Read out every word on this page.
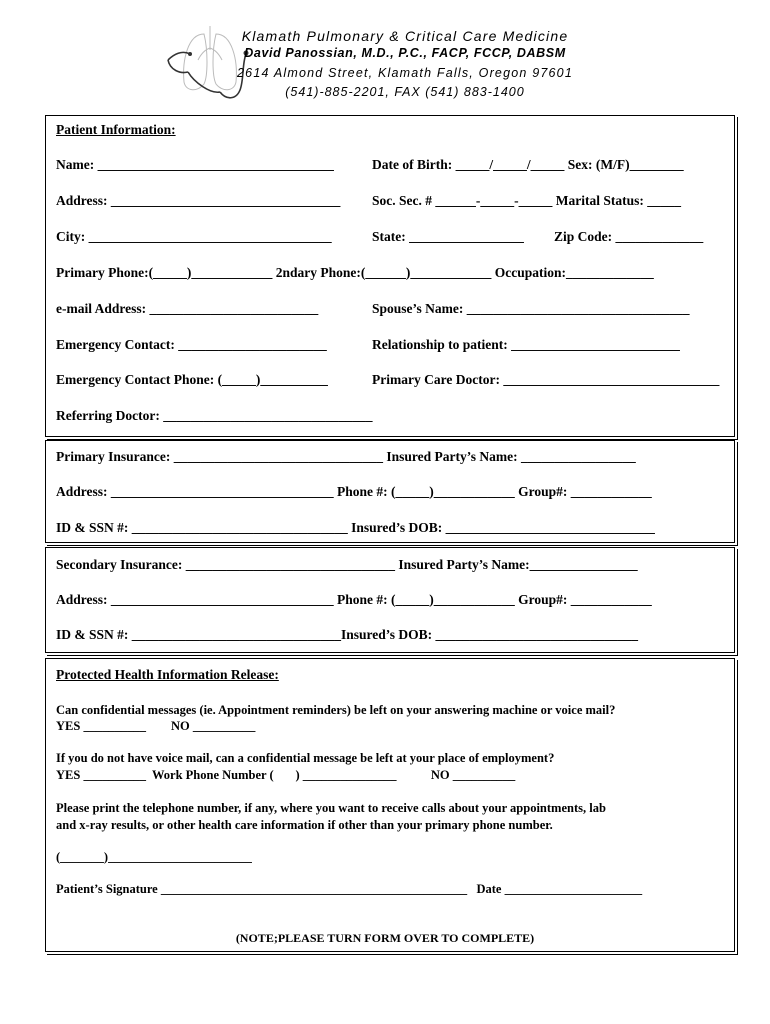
Klamath Pulmonary & Critical Care Medicine
David Panossian, M.D., P.C., FACP, FCCP, DABSM
2614 Almond Street, Klamath Falls, Oregon 97601
(541)-885-2201, FAX (541) 883-1400
Patient Information:
Name: ___________________________________	Date of Birth: _____/_____/_____ Sex: (M/F)________
Address: __________________________________ Soc. Sec. # ______-_____-_____ Marital Status: _____
City: ____________________________________	State: _________________ Zip Code: _____________
Primary Phone:(_____)____________ 2ndary Phone:(______)____________ Occupation:_____________
e-mail Address: _________________________	Spouse’s Name: _________________________________
Emergency Contact: ______________________	Relationship to patient: _________________________
Emergency Contact Phone: (_____)__________	Primary Care Doctor: ________________________________
Referring Doctor: _______________________________
Primary Insurance: _______________________________ Insured Party’s Name: _________________
Address: _________________________________ Phone #: (_____)____________ Group#: ____________
ID & SSN #: ________________________________ Insured’s DOB: _______________________________
Secondary Insurance: _______________________________ Insured Party’s Name:________________
Address: _________________________________ Phone #: (_____)____________ Group#: ____________
ID & SSN #: _______________________________Insured’s DOB: ______________________________
Protected Health Information Release:
Can confidential messages (ie. Appointment reminders) be left on your answering machine or voice mail?
YES __________        NO __________
If you do not have voice mail, can a confidential message be left at your place of employment?
YES __________  Work Phone Number (       ) _______________           NO __________
Please print the telephone number, if any, where you want to receive calls about your appointments, lab
and x-ray results, or other health care information if other than your primary phone number.
(_______)_______________________
Patient’s Signature _________________________________________________   Date ______________________
(NOTE;PLEASE TURN FORM OVER TO COMPLETE)
